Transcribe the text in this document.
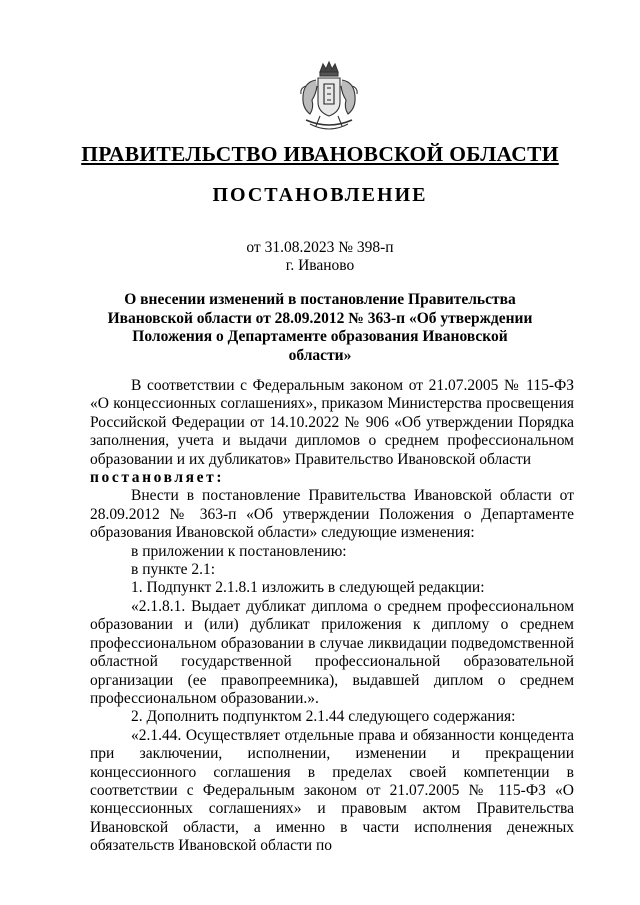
ПРАВИТЕЛЬСТВО ИВАНОВСКОЙ ОБЛАСТИ
ПОСТАНОВЛЕНИЕ
от 31.08.2023 № 398-п
г. Иваново
О внесении изменений в постановление Правительства
Ивановской области от 28.09.2012 № 363-п «Об утверждении
Положения о Департаменте образования Ивановской области»

В соответствии с Федеральным законом от 21.07.2005 № 115-ФЗ «О концессионных соглашениях», приказом Министерства просвещения Российской Федерации от 14.10.2022 № 906 «Об утверждении Порядка заполнения, учета и выдачи дипломов о среднем профессиональном образовании и их дубликатов» Правительство Ивановской области

постановляет:

Внести в постановление Правительства Ивановской области от 28.09.2012 № 363-п «Об утверждении Положения о Департаменте образования Ивановской области» следующие изменения:

в приложении к постановлению:

в пункте 2.1:

1. Подпункт 2.1.8.1 изложить в следующей редакции:

«2.1.8.1. Выдает дубликат диплома о среднем профессиональном образовании и (или) дубликат приложения к диплому о среднем профессиональном образовании в случае ликвидации подведомственной областной государственной профессиональной образовательной организации (ее правопреемника), выдавшей диплом о среднем профессиональном образовании.».

2. Дополнить подпунктом 2.1.44 следующего содержания:

«2.1.44. Осуществляет отдельные права и обязанности концедента при заключении, исполнении, изменении и прекращении концессионного соглашения в пределах своей компетенции в соответствии с Федеральным законом от 21.07.2005 № 115-ФЗ «О концессионных соглашениях» и правовым актом Правительства Ивановской области, а именно в части исполнения денежных обязательств Ивановской области по
